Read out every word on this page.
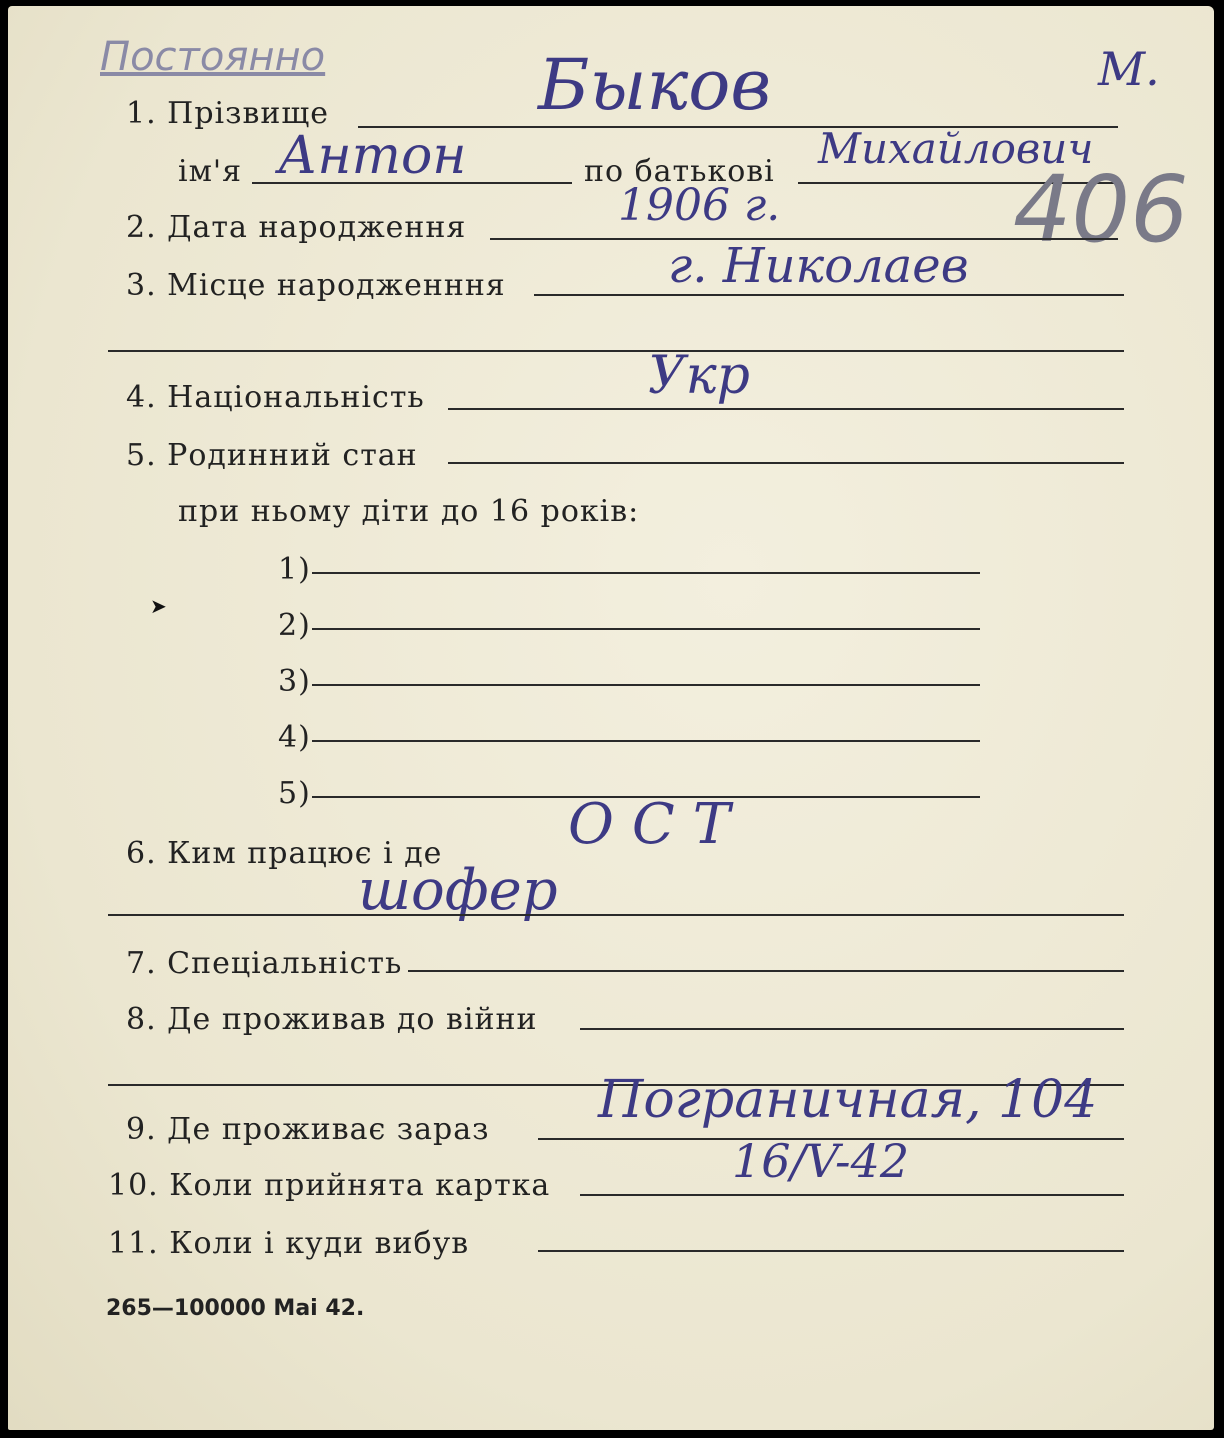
Постоянно
1. Прізвище	Быков	М.
ім'я Антон	по батькові Михайлович
406
2. Дата народження	1906 г.
3. Місце народженння	г. Николаев
4. Національність	Укр
5. Родинний стан
при ньому діти до 16 років:
1)
➤
2)
3)
4)
5)
6. Ким працює і де ОСТ
шофер
7. Спеціальність
8. Де проживав до війни
9. Де проживає зараз Пограничная, 104
10. Коли прийнята картка	16/V-42
11. Коли і куди вибув
265—100000 Mai 42.
